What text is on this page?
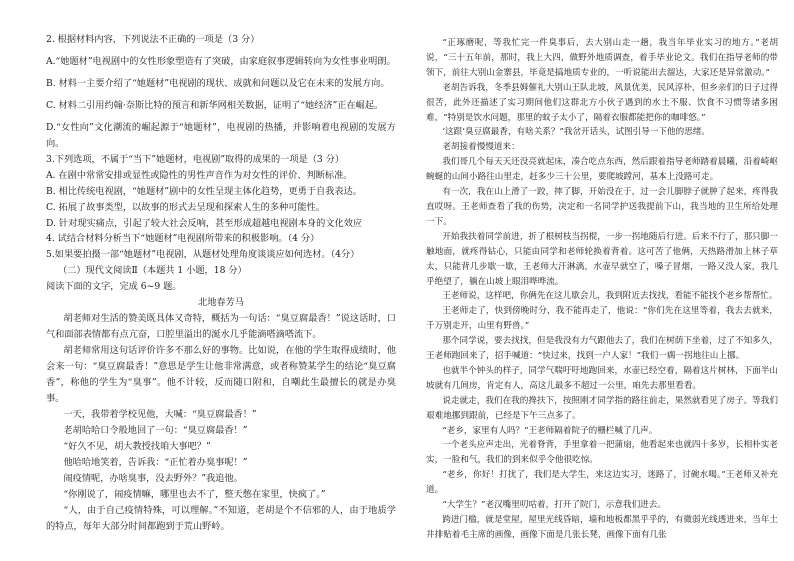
2. 根据材料内容，下列说法不正确的一项是（3 分）

A.“她题材”电视剧中的女性形象塑造有了突破，由家庭叙事逻辑转向为女性事业明朗。

B. 材料一主要介绍了“她题材”电视剧的现状、成就和问题以及它在未来的发展方向。

C. 材料二引用约翰·奈斯比特的预言和新华网相关数据，证明了“她经济”正在崛起。

D.“女性向”文化潮流的崛起源于“她题材”，电视剧的热播，并影响着电视剧的发展方向。

3.下列选项，不属于“当下”她题材，电视剧”取得的成果的一项是（3 分）

A. 在剧中常常安排或显性或隐性的男性声音作为对女性的评价、判断标准。

B. 相比传统电视剧，“她题材”剧中的女性呈现主体化趋势，更勇于自我表达。

C. 拓展了故事类型，以故事的形式去呈现和探索人生的多种可能性。

D. 针对现实痛点，引起了较大社会反响，甚至形成超越电视剧本身的文化效应

4. 试结合材料分析当下“她题材”电视剧所带来的积极影响。（4 分）

5.如果要拍摄一部“她题材”电视剧，从题材处理角度谈谈应如何选材。（4分）

（二）现代文阅读Ⅱ（本题共 1 小题，18 分）

阅读下面的文字，完成 6~9 题。

北地春芳马

胡老师对生活的赞美既具体又奇特，概括为一句话：“臭豆腐最香！”说这话时，口气和面部表情都有点亢奋，口腔里溢出的涎水几乎能滴嗒滴嗒流下。

胡老师常用这句话评价许多不那么好的事物。比如说，在他的学生取得成绩时，他会来一句：“臭豆腐最香！”意思是学生让他非常满意，或者称赞某学生的结论“臭豆腐香”，称他的学生为“臭事”。他不计较，反而随口附和，自嘲此生最擅长的就是办臭事。

一天，我带着学校见他，大喊：“臭豆腐最香！”

老胡哈哈口令般地回了一句：“臭豆腐最香！”

“好久不见，胡大教授找咱大事吧？”

他哈哈地笑着，告诉我：“正忙着办臭事呢！”

闹疫情呢，办啥臭事，没去野外？”我追他。

“你刚说了，闹疫情嘛，哪里也去不了，整天憋在家里，快疯了。”

“人，由于自己疫情特殊，可以理解。”不知道，老胡是个不信邪的人，由于地质学的特点，每年大部分时间都跑到于荒山野岭。

“正琢磨呢，等我忙完一件臭事后，去大别山走一趟，我当年毕业实习的地方。”老胡说，“三十五年前，那时，我上大四，做野外地质调查，着手毕业论文。我们在指导老师的带领下，前往大别山金寨县，毕竟是搞地质专业的，一听说能出去溜达，大家还是异常激动。”

老胡告诉我，冬季县姆催礼大别山王队北坡，风景优美，民风淳朴，但乡亲们的日子过得很苦，此外还描述了实习期间他们这群北方小伙子遇到的水土不服、饮食不习惯等诸多困难，“特别是饮水问题，那里的蚊子太小了，隔着衣服都能把你的咖啡悠。”

‘这跟’臭豆腐最香，有啥关系？”我岔开话头，试图引导一下他的思绪。

老胡接着慢慢道来：

我们哥几个每天天还没亮就起床，凑合吃点东西，然后跟着指导老师踏着晨曦，沿着崎岖蜿蜒的山间小路往山里走，赶多少三十公里，要爬坡蹚河，基本上没路可走。

有一次，我在山上滑了一跤，摔了脚，开始没在于，过一会儿脚脖子就肿了起来，疼得我直哎呀。王老师查看了我的伤势，决定和一名同学护送我提前下山，我当地的卫生所给处理一下。

开始我扶着同学前进，折了根树枝当拐棍，一步一拐地随后行进。后来不行了，那只脚一触地面，就疼得钻心，只能由同学和老师轮换着背着。这可苦了他俩，天热路滑加上林子草太，只能背几步歇一歇，王老师大汗淋漓，水壶早就空了，嗓子冒烟，一路又没人家，我几乎绝望了，躺在山坡上眼泪哗哗流。

王老师说，这样吧，你俩先在这儿歇会儿，我到附近去找找，看能不能找个老乡帮帮忙。

王老师走了，快到傍晚时分，我不能再走了，他说：“你们先在这里等着，我去去就来，千万别走开，山里有野兽。”

那个同学说，要去找找，但是我没有力气跟他去了，我们在树荫下坐着，过了不知多久，王老师跑回来了，招手喊道：“快过来，找到一户人家！”我们一瘸一拐地往山上挪。

也就半个钟头的样子，同学气喘吁吁地跑回来，水壶已经空着，隔着这片树林，下面半山坡就有几间房，肯定有人，高这儿最多不超过一公里，咱先去那里看看。

说走就走，我们在我的搀扶下，按照刚才同学指的路往前走，果然就看见了房子。等我们艰难地挪到跟前，已经是下午三点多了。

“老乡，家里有人吗？”王老师隔着院子的栅栏喊了几声。

一个老头应声走出，光着脊背，手里拿着一把蒲扇，他看起来也就四十多岁，长相朴实老实，一脸和气，我们的到来似乎令他很吃惊。

“老乡，你好！打扰了，我们是大学生，来这边实习，迷路了，讨碗水喝。”王老师又补充道。

“大学生？”老汉嘴里叨咕着，打开了院门，示意我们进去。

跨进门槛，就是堂屋，屋里光线昏暗，墙和地板都黑乎乎的，有微弱光线透进来，当年土井排贴着毛主席的画像，画像下面是几张长凳，画像下面有几张
